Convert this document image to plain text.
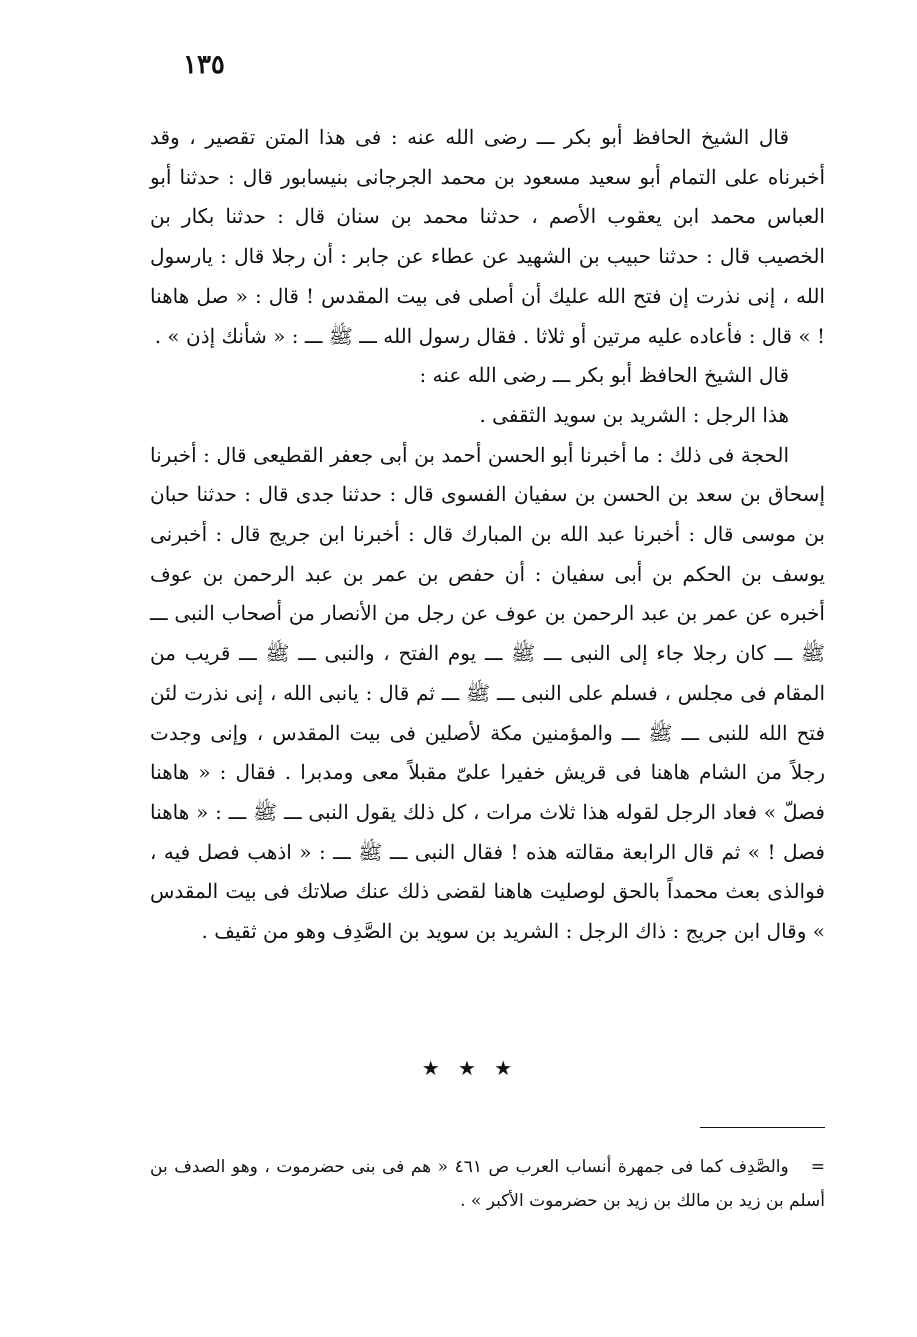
١٣٥

قال الشيخ الحافظ أبو بكر ـــ رضى الله عنه : فى هذا المتن تقصير ، وقد أخبرناه على التمام أبو سعيد مسعود بن محمد الجرجانى بنيسابور قال : حدثنا أبو العباس محمد ابن يعقوب الأصم ، حدثنا محمد بن سنان قال : حدثنا بكار بن الخصيب قال : حدثنا حبيب بن الشهيد عن عطاء عن جابر : أن رجلا قال : يارسول الله ، إنى نذرت إن فتح الله عليك أن أصلى فى بيت المقدس ! قال : « صل هاهنا ! » قال : فأعاده عليه مرتين أو ثلاثا . فقال رسول الله ـــ ﷺ ـــ : « شأنك إذن » .

قال الشيخ الحافظ أبو بكر ـــ رضى الله عنه :

هذا الرجل : الشريد بن سويد الثقفى .

الحجة فى ذلك : ما أخبرنا أبو الحسن أحمد بن أبى جعفر القطيعى قال : أخبرنا إسحاق بن سعد بن الحسن بن سفيان الفسوى قال : حدثنا جدى قال : حدثنا حبان بن موسى قال : أخبرنا عبد الله بن المبارك قال : أخبرنا ابن جريج قال : أخبرنى يوسف بن الحكم بن أبى سفيان : أن حفص بن عمر بن عبد الرحمن بن عوف أخبره عن عمر بن عبد الرحمن بن عوف عن رجل من الأنصار من أصحاب النبى ـــ ﷺ ـــ كان رجلا جاء إلى النبى ـــ ﷺ ـــ يوم الفتح ، والنبى ـــ ﷺ ـــ قريب من المقام فى مجلس ، فسلم على النبى ـــ ﷺ ـــ ثم قال : يانبى الله ، إنى نذرت لئن فتح الله للنبى ـــ ﷺ ـــ والمؤمنين مكة لأصلين فى بيت المقدس ، وإنى وجدت رجلاً من الشام هاهنا فى قريش خفيرا علىّ مقبلاً معى ومدبرا . فقال : « هاهنا فصلّ » فعاد الرجل لقوله هذا ثلاث مرات ، كل ذلك يقول النبى ـــ ﷺ ـــ : « هاهنا فصل ! » ثم قال الرابعة مقالته هذه ! فقال النبى ـــ ﷺ ـــ : « اذهب فصل فيه ، فوالذى بعث محمداً بالحق لوصليت هاهنا لقضى ذلك عنك صلاتك فى بيت المقدس » وقال ابن جريج : ذاك الرجل : الشريد بن سويد بن الصَّدِف وهو من ثقيف .

★ ★ ★
=والصَّدِف كما فى جمهرة أنساب العرب ص ٤٦١ « هم فى بنى حضرموت ، وهو الصدف بن أسلم بن زيد بن مالك بن زيد بن حضرموت الأكبر » .
